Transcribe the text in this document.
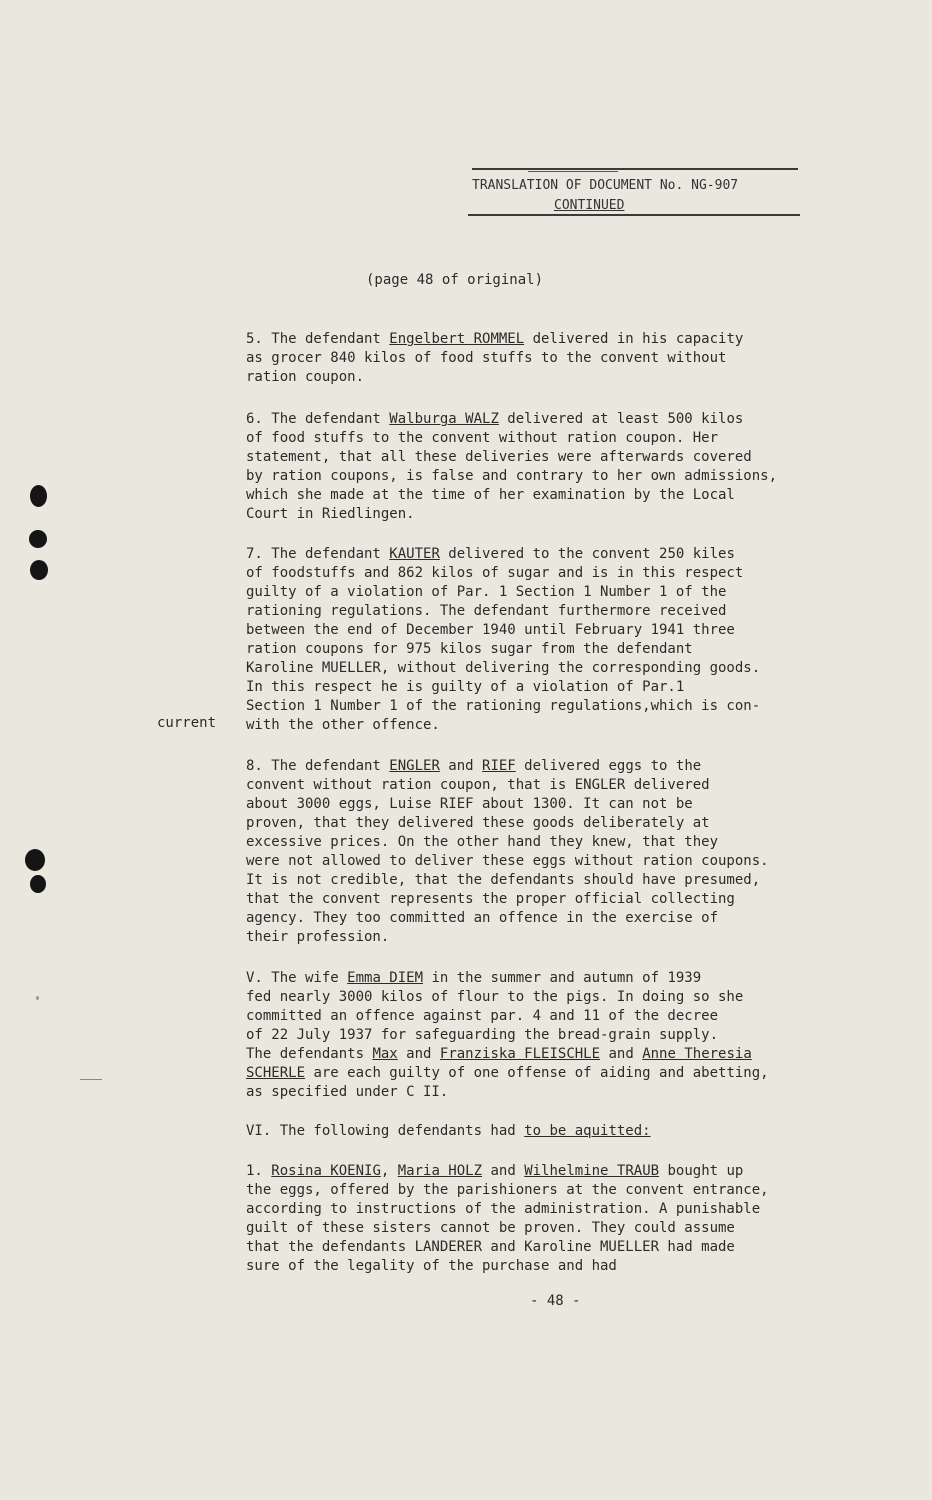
TRANSLATION OF DOCUMENT No. NG-907
CONTINUED
(page 48 of original)
5. The defendant Engelbert ROMMEL delivered in his capacity
as grocer 840 kilos of food stuffs to the convent without
ration coupon.
6. The defendant Walburga WALZ delivered at least 500 kilos
of food stuffs to the convent without ration coupon. Her
statement, that all these deliveries were afterwards covered
by ration coupons, is false and contrary to her own admissions,
which she made at the time of her examination by the Local
Court in Riedlingen.
7. The defendant KAUTER delivered to the convent 250 kiles
of foodstuffs and 862 kilos of sugar and is in this respect
guilty of a violation of Par. 1 Section 1 Number 1 of the
rationing regulations. The defendant furthermore received
between the end of December 1940 until February 1941 three
ration coupons for 975 kilos sugar from the defendant
Karoline MUELLER, without delivering the corresponding goods.
In this respect he is guilty of a violation of Par.1
Section 1 Number 1 of the rationing regulations,which is con-
with the other offence.
current
8. The defendant ENGLER and RIEF delivered eggs to the
convent without ration coupon, that is ENGLER delivered
about 3000 eggs, Luise RIEF about 1300. It can not be
proven, that they delivered these goods deliberately at
excessive prices. On the other hand they knew, that they
were not allowed to deliver these eggs without ration coupons.
It is not credible, that the defendants should have presumed,
that the convent represents the proper official collecting
agency. They too committed an offence in the exercise of
their profession.
V. The wife Emma DIEM in the summer and autumn of 1939
fed nearly 3000 kilos of flour to the pigs. In doing so she
committed an offence against par. 4 and 11 of the decree
of 22 July 1937 for safeguarding the bread-grain supply.
The defendants Max and Franziska FLEISCHLE and Anne Theresia
SCHERLE are each guilty of one offense of aiding and abetting,
as specified under C II.
VI. The following defendants had to be aquitted:
1. Rosina KOENIG, Maria HOLZ and Wilhelmine TRAUB bought up
the eggs, offered by the parishioners at the convent entrance,
according to instructions of the administration. A punishable
guilt of these sisters cannot be proven. They could assume
that the defendants LANDERER and Karoline MUELLER had made
sure of the legality of the purchase and had
- 48 -
